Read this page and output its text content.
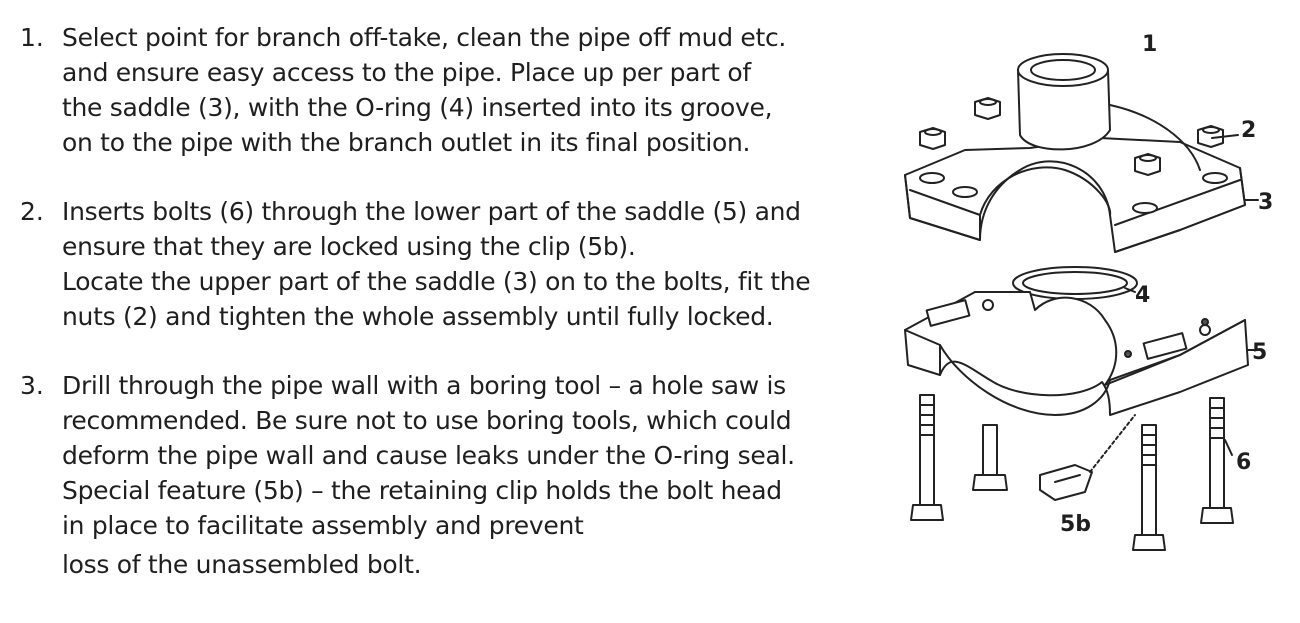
1. Select point for branch off-take, clean the pipe off mud etc.
and ensure easy access to the pipe. Place up per part of
the saddle (3), with the O-ring (4) inserted into its groove,
on to the pipe with the branch outlet in its final position.
2. Inserts bolts (6) through the lower part of the saddle (5) and
ensure that they are locked using the clip (5b).
Locate the upper part of the saddle (3) on to the bolts, fit the
nuts (2) and tighten the whole assembly until fully locked.
3. Drill through the pipe wall with a boring tool – a hole saw is
recommended. Be sure not to use boring tools, which could
deform the pipe wall and cause leaks under the O-ring seal.
Special feature (5b) – the retaining clip holds the bolt head
in place to facilitate assembly and prevent
loss of the unassembled bolt.
1
2
3
4
5
5b
6
